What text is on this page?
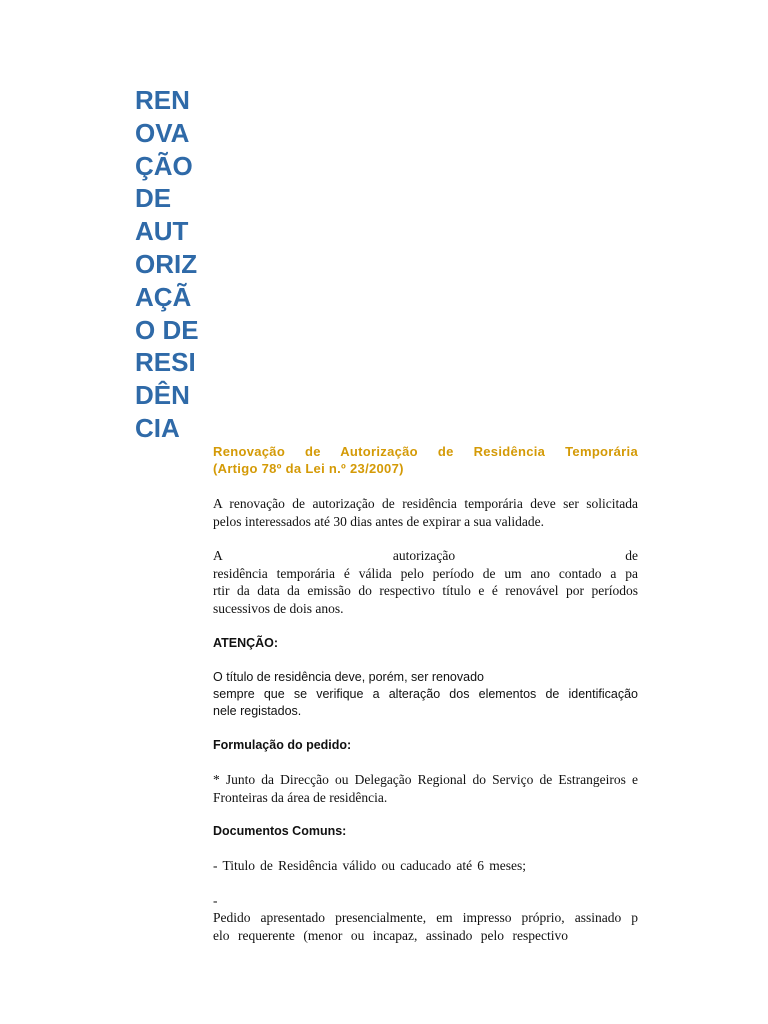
REN
OVA
ÇÃO
DE
AUT
ORIZ
AÇÃ
O DE
RESI
DÊN
CIA
Renovação de Autorização de Residência Temporária
(Artigo 78º da Lei n.º 23/2007)

A renovação de autorização de residência temporária deve ser solicitada
pelos interessados até 30 dias antes de expirar a sua validade.

A	autorização	de
residência temporária é válida pelo período de um ano contado a pa
rtir da data da emissão do respectivo título e é renovável por períodos
sucessivos de dois anos.

ATENÇÃO:

O título de residência deve, porém, ser renovado
sempre que se verifique a alteração dos elementos de identificação
nele registados.

Formulação do pedido:

* Junto da Direcção ou Delegação Regional do Serviço de Estrangeiros e
Fronteiras da área de residência.

Documentos Comuns:

- Titulo de Residência válido ou caducado até 6 meses;

-
Pedido apresentado presencialmente, em impresso próprio, assinado p
elo requerente (menor ou incapaz, assinado pelo respectivo
